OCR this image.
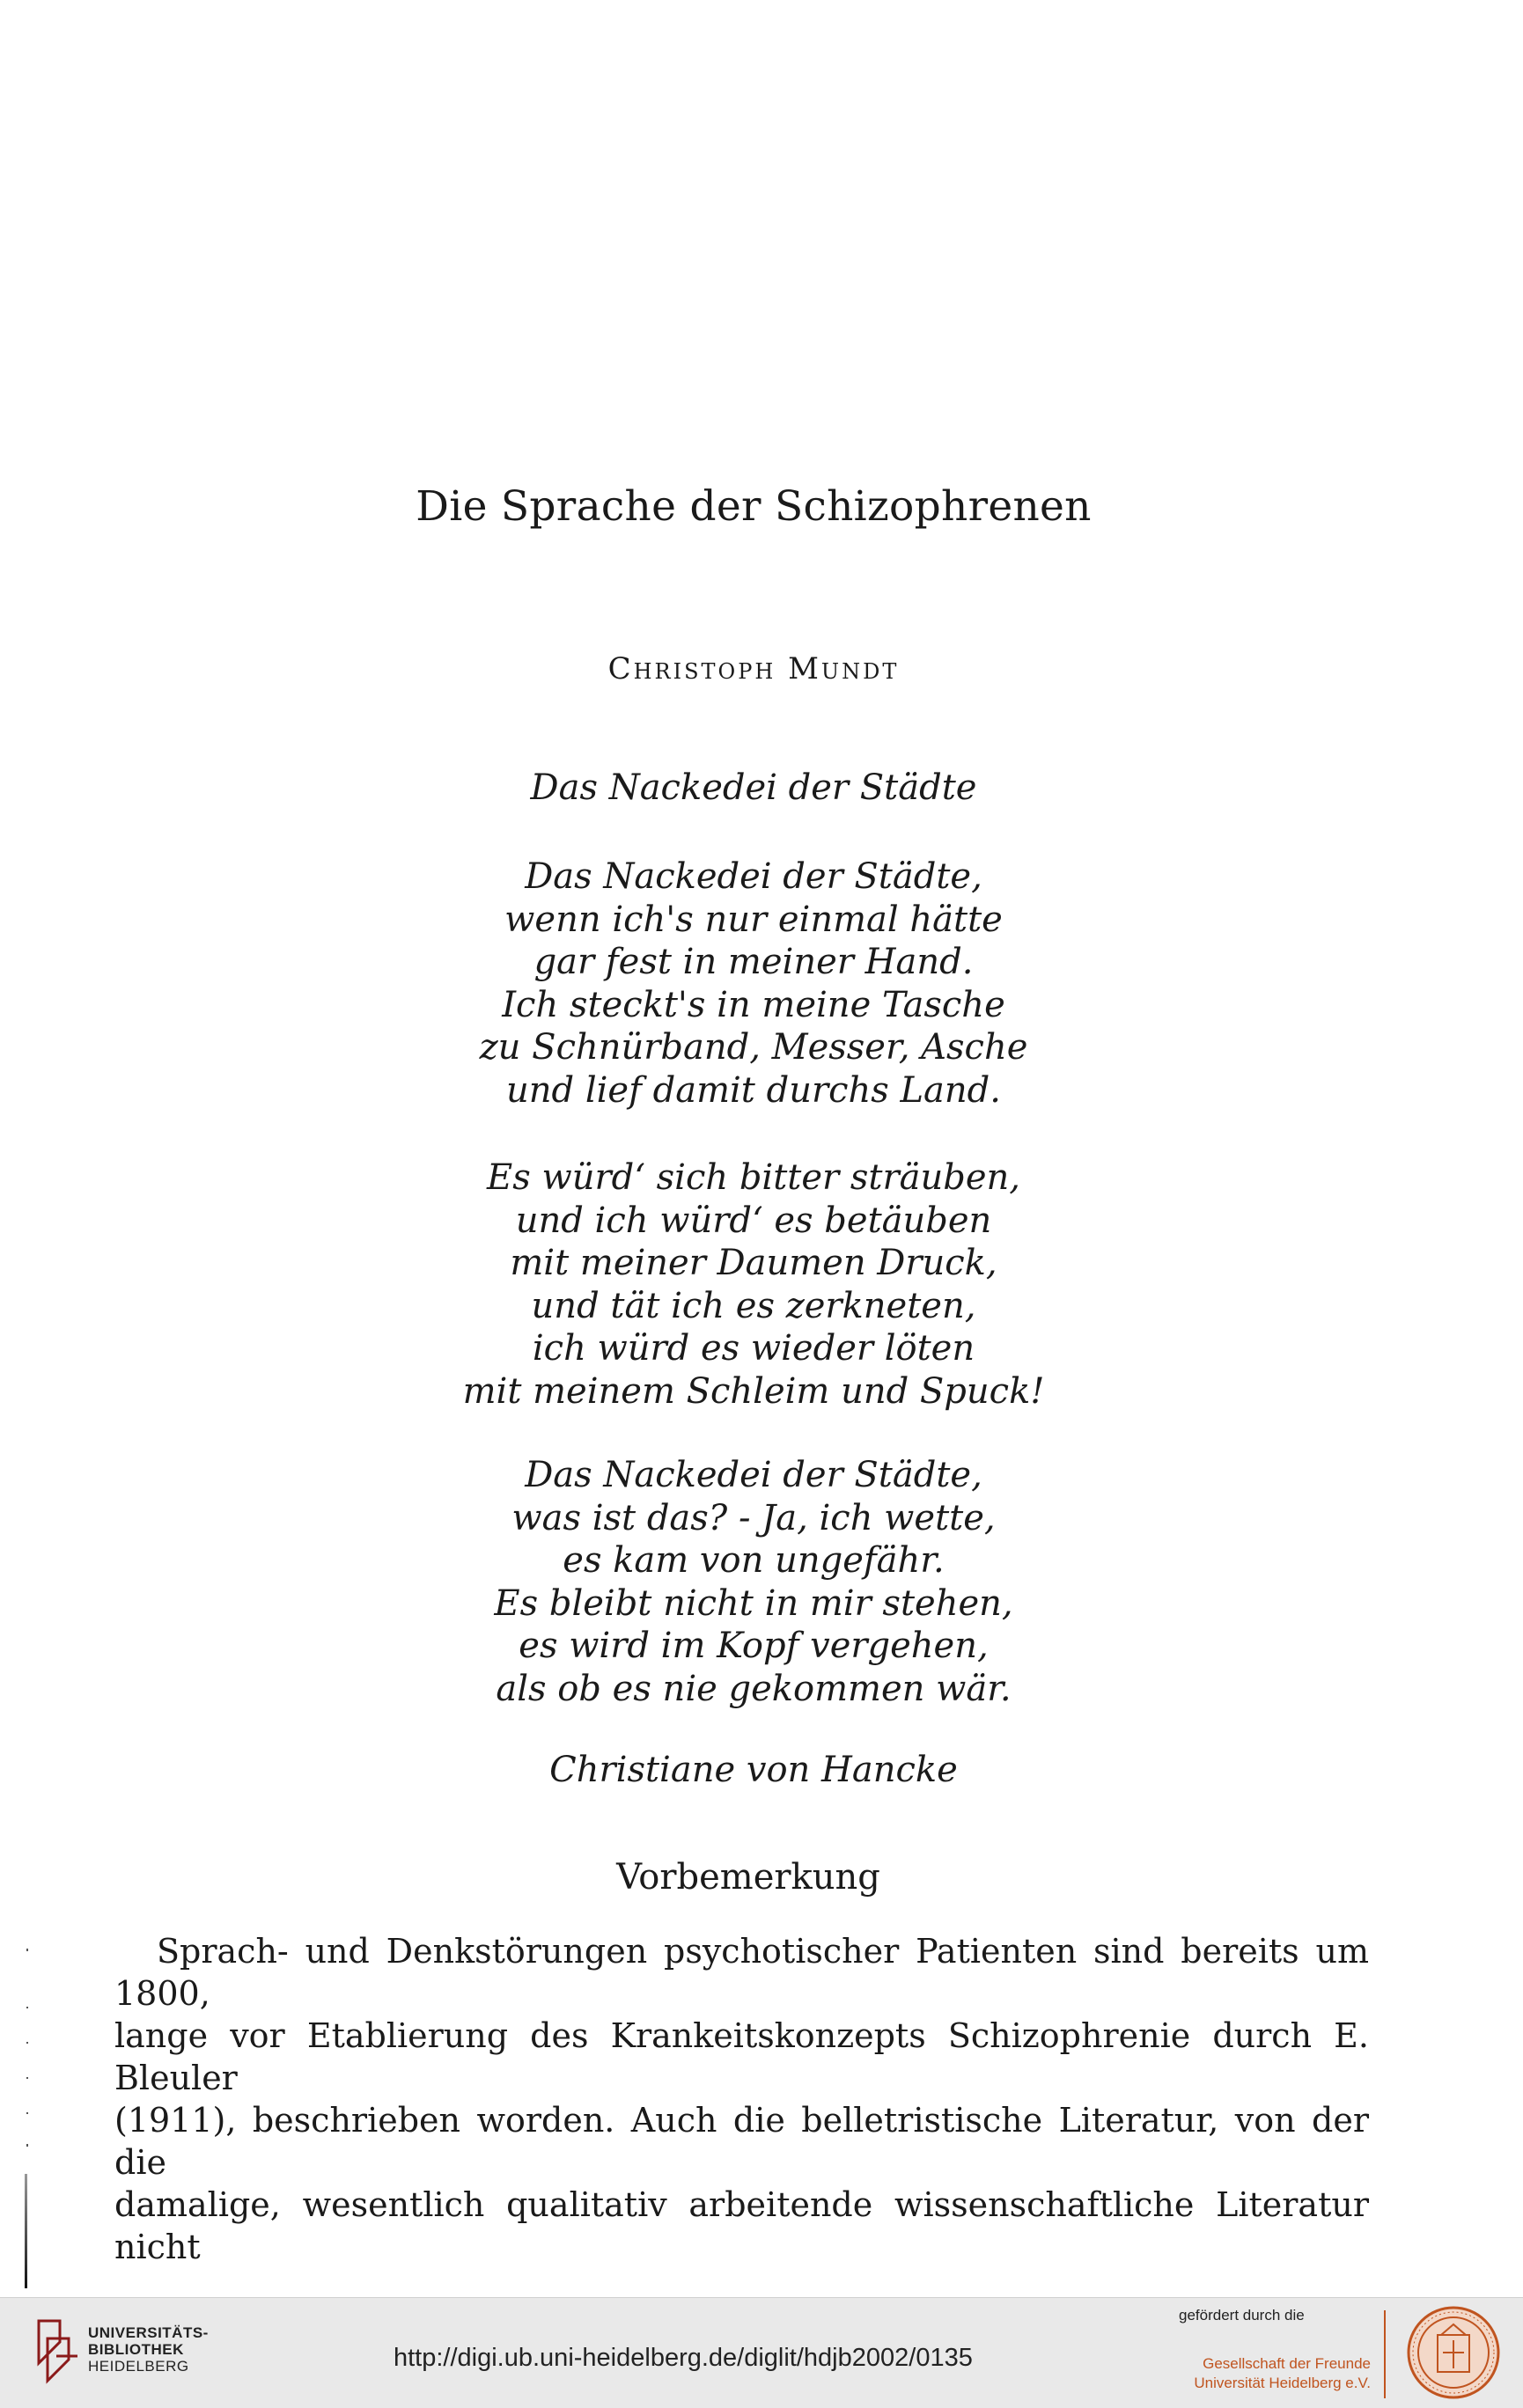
Die Sprache der Schizophrenen
Christoph Mundt
Das Nackedei der Städte
Das Nackedei der Städte,
wenn ich's nur einmal hätte
gar fest in meiner Hand.
Ich steckt's in meine Tasche
zu Schnürband, Messer, Asche
und lief damit durchs Land.
Es würd‘ sich bitter sträuben,
und ich würd‘ es betäuben
mit meiner Daumen Druck,
und tät ich es zerkneten,
ich würd es wieder löten
mit meinem Schleim und Spuck!
Das Nackedei der Städte,
was ist das? - Ja, ich wette,
es kam von ungefähr.
Es bleibt nicht in mir stehen,
es wird im Kopf vergehen,
als ob es nie gekommen wär.
Christiane von Hancke
Vorbemerkung
Sprach- und Denkstörungen psychotischer Patienten sind bereits um 1800,
lange vor Etablierung des Krankeitskonzepts Schizophrenie durch E. Bleuler
(1911), beschrieben worden. Auch die belletristische Literatur, von der die
damalige, wesentlich qualitativ arbeitende wissenschaftliche Literatur nicht
UNIVERSITÄTS-
BIBLIOTHEK
HEIDELBERG	http://digi.ub.uni-heidelberg.de/diglit/hdjb2002/0135
gefördert durch die
Gesellschaft der Freunde
Universität Heidelberg e.V.
